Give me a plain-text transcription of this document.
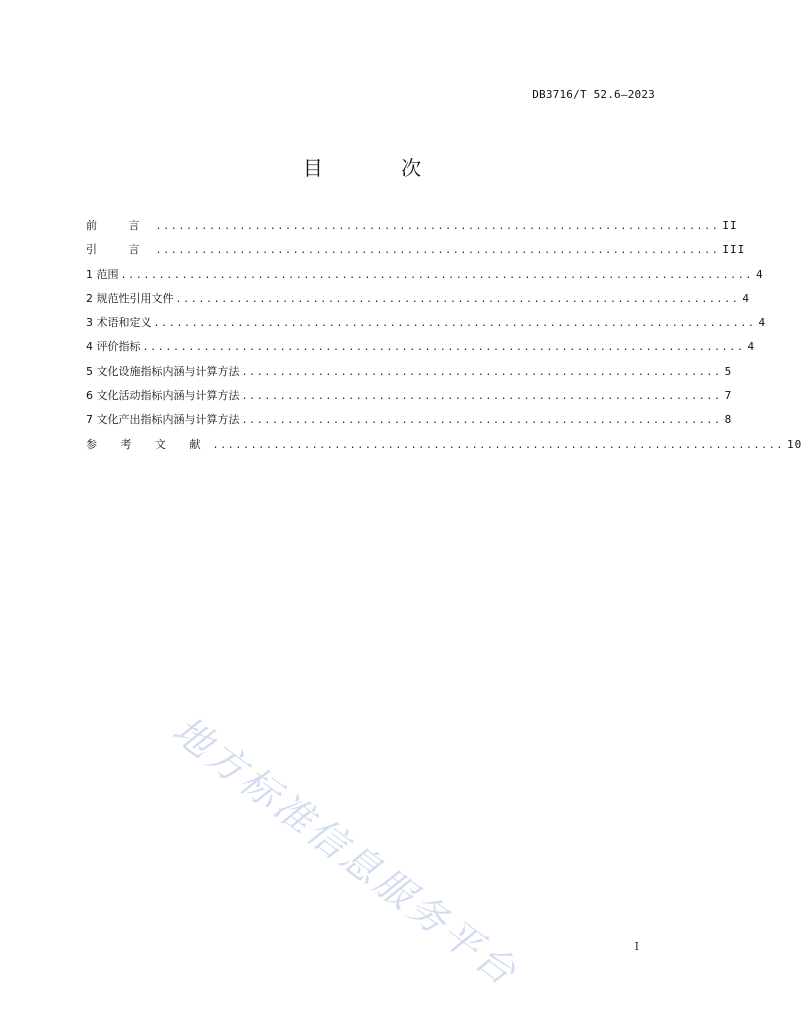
DB3716/T 52.6—2023
目 次
前 言 .......................................................................... II
引 言 .......................................................................... III
1 范围 ................................................................................... 4
2 规范性引用文件 .......................................................................... 4
3 术语和定义 ............................................................................... 4
4 评价指标 ............................................................................... 4
5 文化设施指标内涵与计算方法 ............................................................... 5
6 文化活动指标内涵与计算方法 ............................................................... 7
7 文化产出指标内涵与计算方法 ............................................................... 8
参 考 文 献 ........................................................................... 10
地方标准信息服务平台	I
